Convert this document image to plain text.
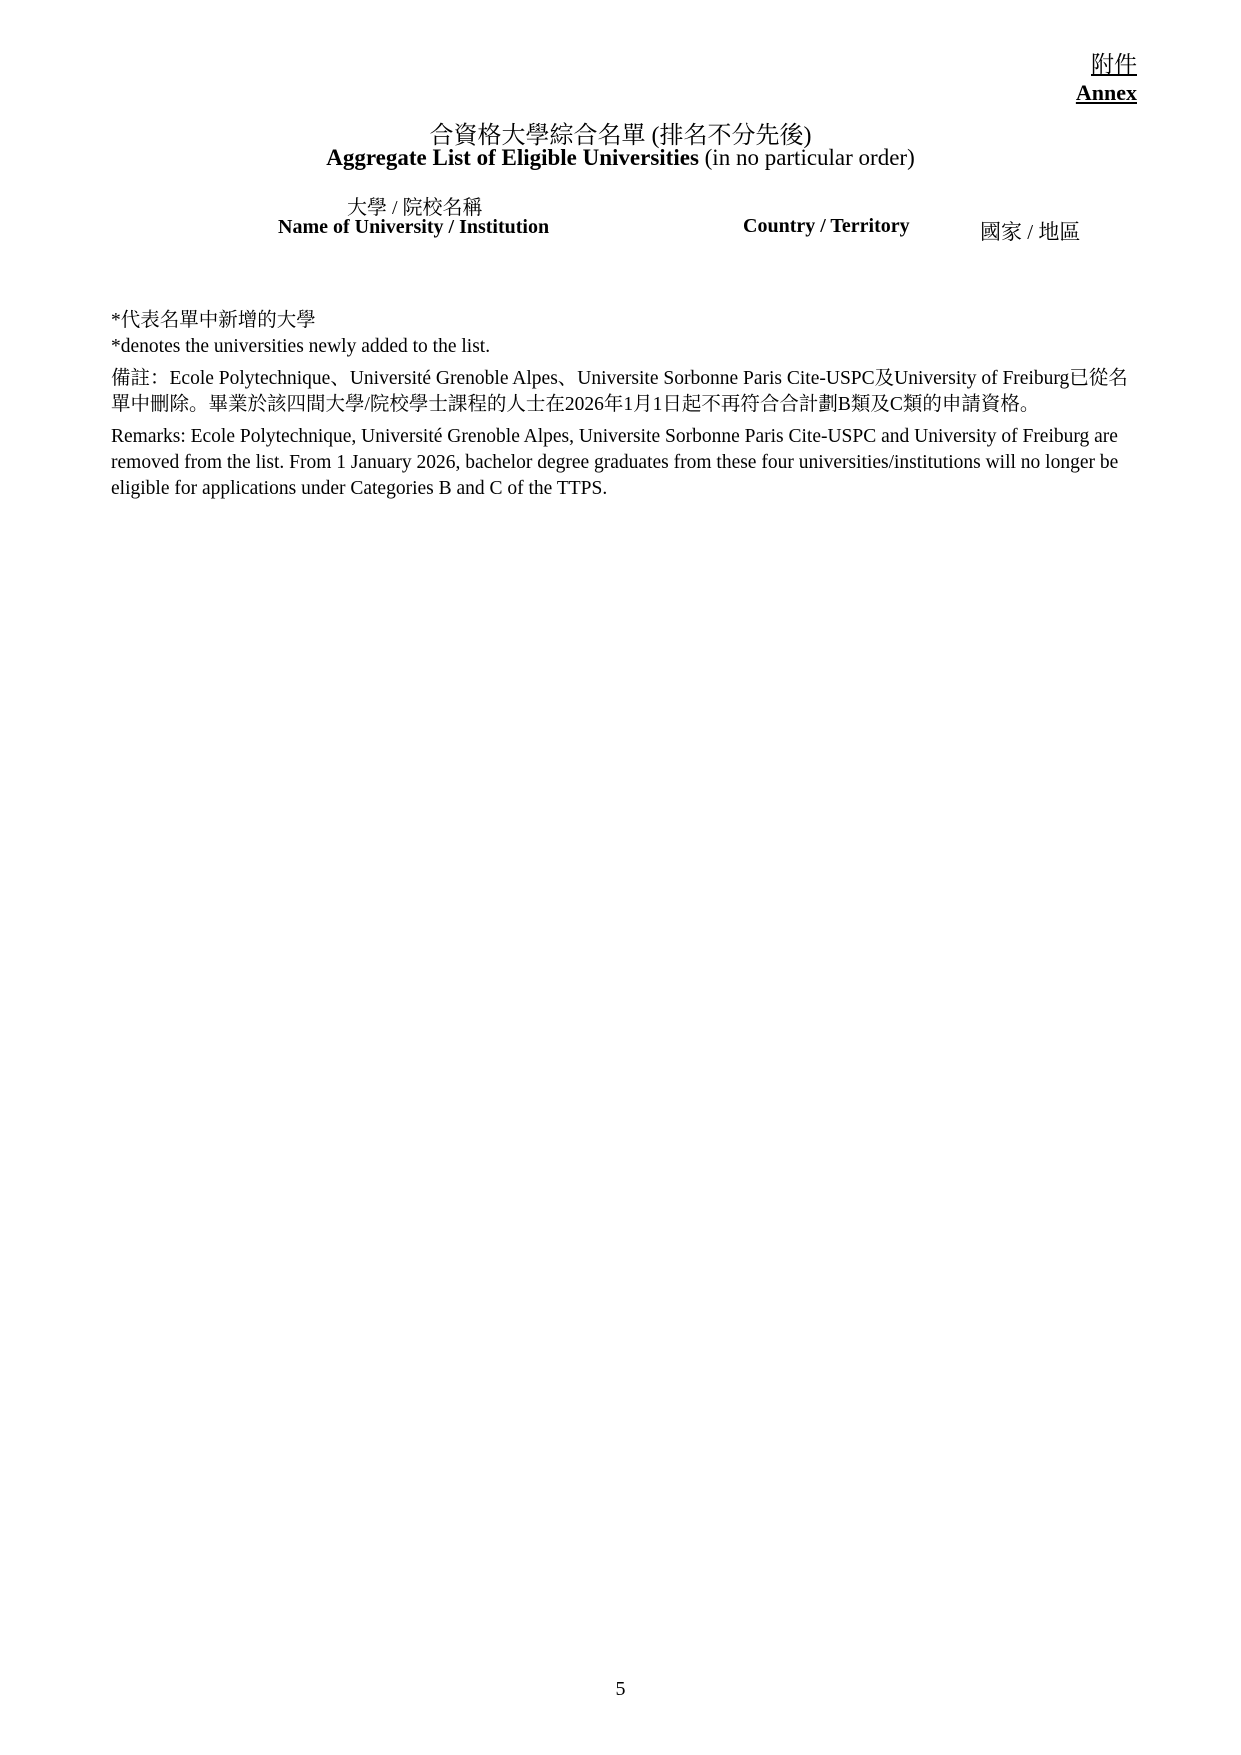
附件
Annex
合資格大學綜合名單 (排名不分先後)
Aggregate List of Eligible Universities (in no particular order)
大學 / 院校名稱
Name of University / Institution	Country / Territory	國家 / 地區

*代表名單中新增的大學

*denotes the universities newly added to the list.

備註：Ecole Polytechnique、Université Grenoble Alpes、Universite Sorbonne Paris Cite-USPC及University of Freiburg已從名單中刪除。畢業於該四間大學/院校學士課程的人士在2026年1月1日起不再符合合計劃B類及C類的申請資格。

Remarks: Ecole Polytechnique, Université Grenoble Alpes, Universite Sorbonne Paris Cite-USPC and University of Freiburg are removed from the list. From 1 January 2026, bachelor degree graduates from these four universities/institutions will no longer be eligible for applications under Categories B and C of the TTPS.

5
